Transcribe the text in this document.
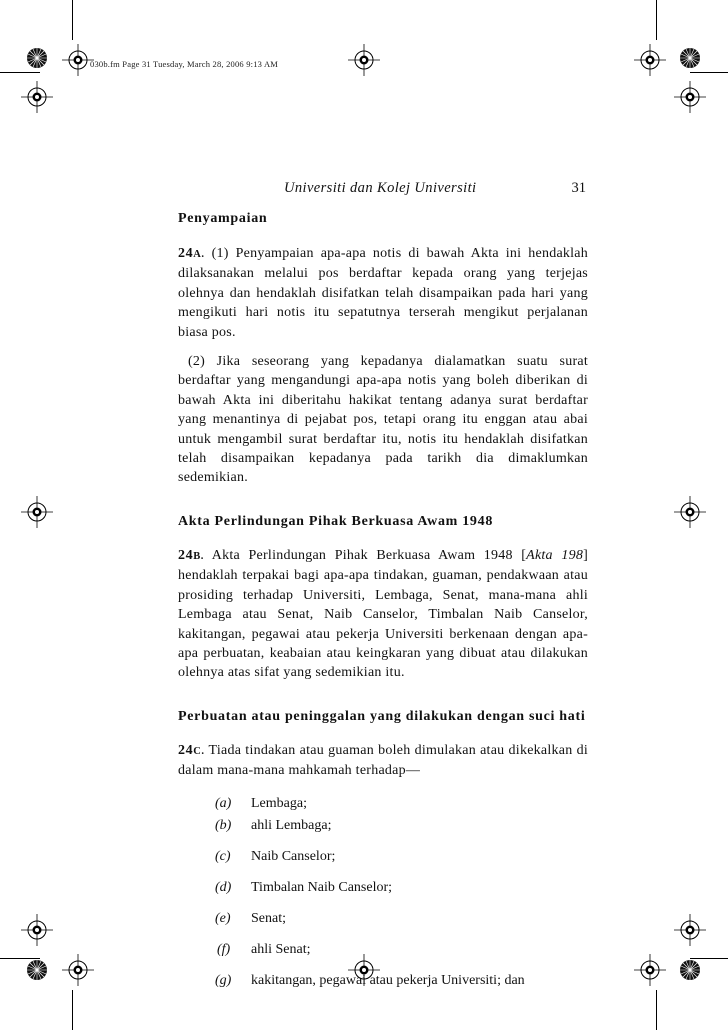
030b.fm Page 31 Tuesday, March 28, 2006 9:13 AM
Universiti dan Kolej Universiti	31

Penyampaian

24A. (1) Penyampaian apa-apa notis di bawah Akta ini hendaklah dilaksanakan melalui pos berdaftar kepada orang yang terjejas olehnya dan hendaklah disifatkan telah disampaikan pada hari yang mengikuti hari notis itu sepatutnya terserah mengikut perjalanan biasa pos.

(2) Jika seseorang yang kepadanya dialamatkan suatu surat berdaftar yang mengandungi apa-apa notis yang boleh diberikan di bawah Akta ini diberitahu hakikat tentang adanya surat berdaftar yang menantinya di pejabat pos, tetapi orang itu enggan atau abai untuk mengambil surat berdaftar itu, notis itu hendaklah disifatkan telah disampaikan kepadanya pada tarikh dia dimaklumkan sedemikian.

Akta Perlindungan Pihak Berkuasa Awam 1948

24B. Akta Perlindungan Pihak Berkuasa Awam 1948 [Akta 198] hendaklah terpakai bagi apa-apa tindakan, guaman, pendakwaan atau prosiding terhadap Universiti, Lembaga, Senat, mana-mana ahli Lembaga atau Senat, Naib Canselor, Timbalan Naib Canselor, kakitangan, pegawai atau pekerja Universiti berkenaan dengan apa-apa perbuatan, keabaian atau keingkaran yang dibuat atau dilakukan olehnya atas sifat yang sedemikian itu.

Perbuatan atau peninggalan yang dilakukan dengan suci hati

24C. Tiada tindakan atau guaman boleh dimulakan atau dikekalkan di dalam mana-mana mahkamah terhadap—

(a)	Lembaga;
(b)	ahli Lembaga;
(c)	Naib Canselor;
(d)	Timbalan Naib Canselor;
(e)	Senat;
(f)	ahli Senat;
(g)	kakitangan, pegawai atau pekerja Universiti; dan
